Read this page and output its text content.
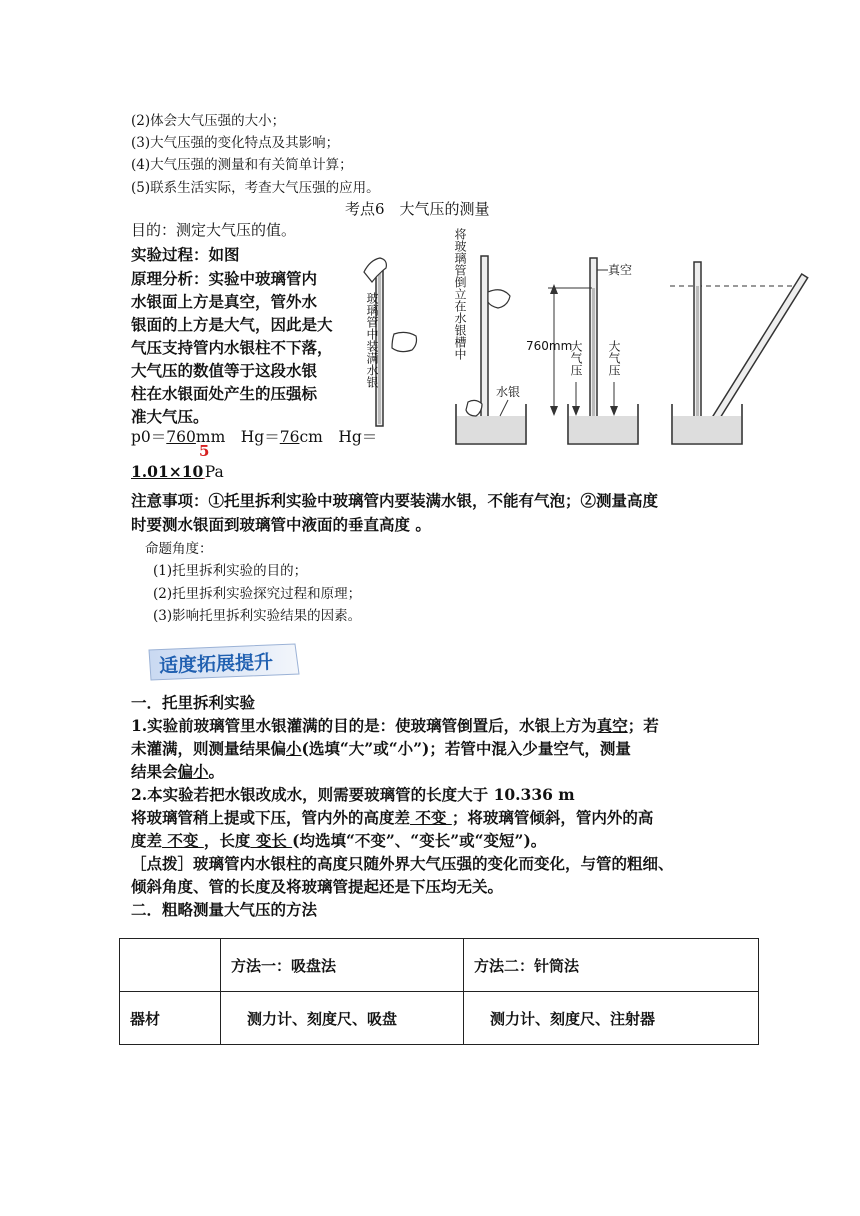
(2)体会大气压强的大小；
(3)大气压强的变化特点及其影响；
(4)大气压强的测量和有关简单计算；
(5)联系生活实际，考查大气压强的应用。
考点6　大气压的测量
目的：测定大气压的值。
实验过程：如图
原理分析：实验中玻璃管内
水银面上方是真空，管外水
银面的上方是大气，因此是大
气压支持管内水银柱不下落，
大气压的数值等于这段水银
柱在水银面处产生的压强标
准大气压。
p0＝760mm　Hg＝76cm　Hg＝
5
1.01×10 Pa
注意事项：①托里拆利实验中玻璃管内要装满水银，不能有气泡；②测量高度
时要测水银面到玻璃管中液面的垂直高度 。
命题角度：
(1)托里拆利实验的目的；
(2)托里拆利实验探究过程和原理；
(3)影响托里拆利实验结果的因素。
适度拓展提升
玻璃管中装满水银	将玻璃管倒立在水银槽中
水银
真空
760mm
大气压 大气压
一．托里拆利实验
1.实验前玻璃管里水银灌满的目的是：使玻璃管倒置后，水银上方为真空；若
未灌满，则测量结果偏小(选填“大”或“小”)；若管中混入少量空气，测量
结果会偏小。
2.本实验若把水银改成水，则需要玻璃管的长度大于 10.336 m
将玻璃管稍上提或下压，管内外的高度差 不变 ；将玻璃管倾斜，管内外的高
度差 不变 ，长度 变长 (均选填“不变”、“变长”或“变短”)。
［点拨］玻璃管内水银柱的高度只随外界大气压强的变化而变化，与管的粗细、
倾斜角度、管的长度及将玻璃管提起还是下压均无关。
二．粗略测量大气压的方法
	方法一：吸盘法	方法二：针筒法
器材	测力计、刻度尺、吸盘	测力计、刻度尺、注射器
